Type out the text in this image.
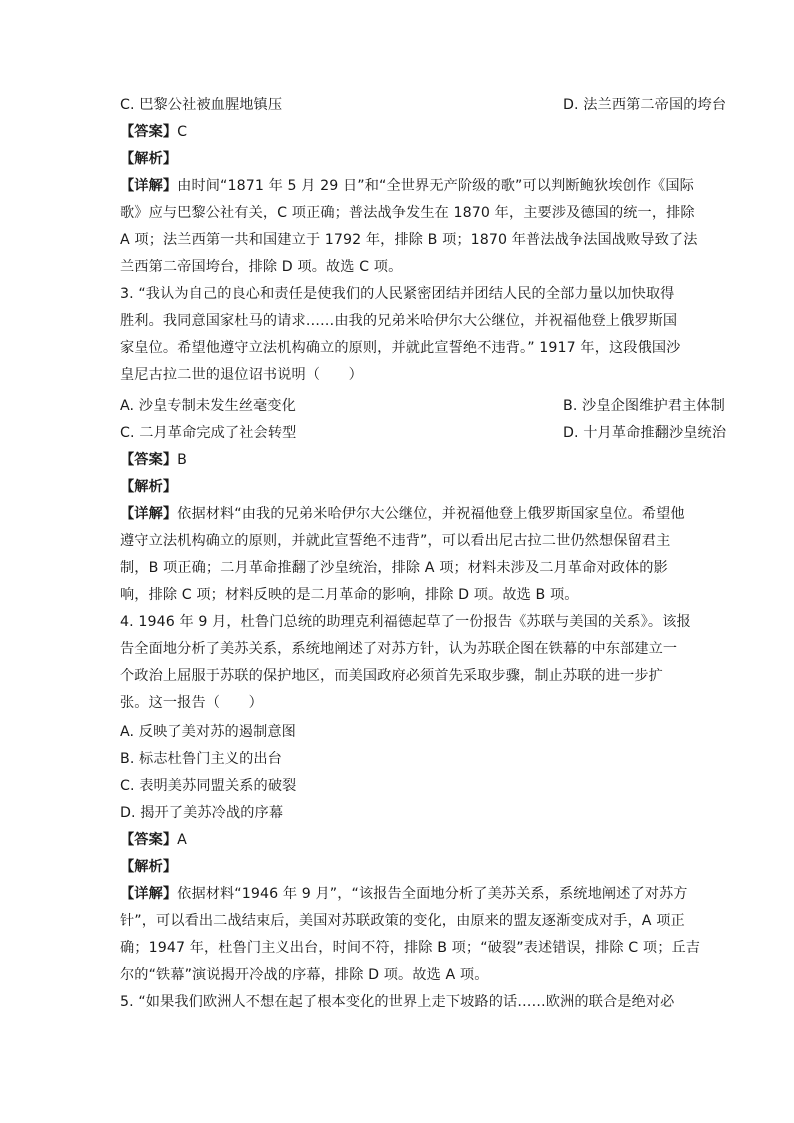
C. 巴黎公社被血腥地镇压	D. 法兰西第二帝国的垮台
【答案】C
【解析】
【详解】由时间“1871 年 5 月 29 日”和“全世界无产阶级的歌”可以判断鲍狄埃创作《国际
歌》应与巴黎公社有关，C 项正确；普法战争发生在 1870 年，主要涉及德国的统一，排除
A 项；法兰西第一共和国建立于 1792 年，排除 B 项；1870 年普法战争法国战败导致了法
兰西第二帝国垮台，排除 D 项。故选 C 项。
3. “我认为自己的良心和责任是使我们的人民紧密团结并团结人民的全部力量以加快取得
胜利。我同意国家杜马的请求……由我的兄弟米哈伊尔大公继位，并祝福他登上俄罗斯国
家皇位。希望他遵守立法机构确立的原则，并就此宣誓绝不违背。” 1917 年，这段俄国沙
皇尼古拉二世的退位诏书说明（　　）
A. 沙皇专制未发生丝毫变化	B. 沙皇企图维护君主体制
C. 二月革命完成了社会转型	D. 十月革命推翻沙皇统治
【答案】B
【解析】
【详解】依据材料“由我的兄弟米哈伊尔大公继位，并祝福他登上俄罗斯国家皇位。希望他
遵守立法机构确立的原则，并就此宣誓绝不违背”，可以看出尼古拉二世仍然想保留君主
制，B 项正确；二月革命推翻了沙皇统治，排除 A 项；材料未涉及二月革命对政体的影
响，排除 C 项；材料反映的是二月革命的影响，排除 D 项。故选 B 项。
4. 1946 年 9 月，杜鲁门总统的助理克利福德起草了一份报告《苏联与美国的关系》。该报
告全面地分析了美苏关系，系统地阐述了对苏方针，认为苏联企图在铁幕的中东部建立一
个政治上屈服于苏联的保护地区，而美国政府必须首先采取步骤，制止苏联的进一步扩
张。这一报告（　　）
A. 反映了美对苏的遏制意图
B. 标志杜鲁门主义的出台
C. 表明美苏同盟关系的破裂
D. 揭开了美苏冷战的序幕
【答案】A
【解析】
【详解】依据材料“1946 年 9 月”，“该报告全面地分析了美苏关系，系统地阐述了对苏方
针”，可以看出二战结束后，美国对苏联政策的变化，由原来的盟友逐渐变成对手，A 项正
确；1947 年，杜鲁门主义出台，时间不符，排除 B 项；“破裂”表述错误，排除 C 项；丘吉
尔的“铁幕”演说揭开冷战的序幕，排除 D 项。故选 A 项。
5. “如果我们欧洲人不想在起了根本变化的世界上走下坡路的话……欧洲的联合是绝对必
